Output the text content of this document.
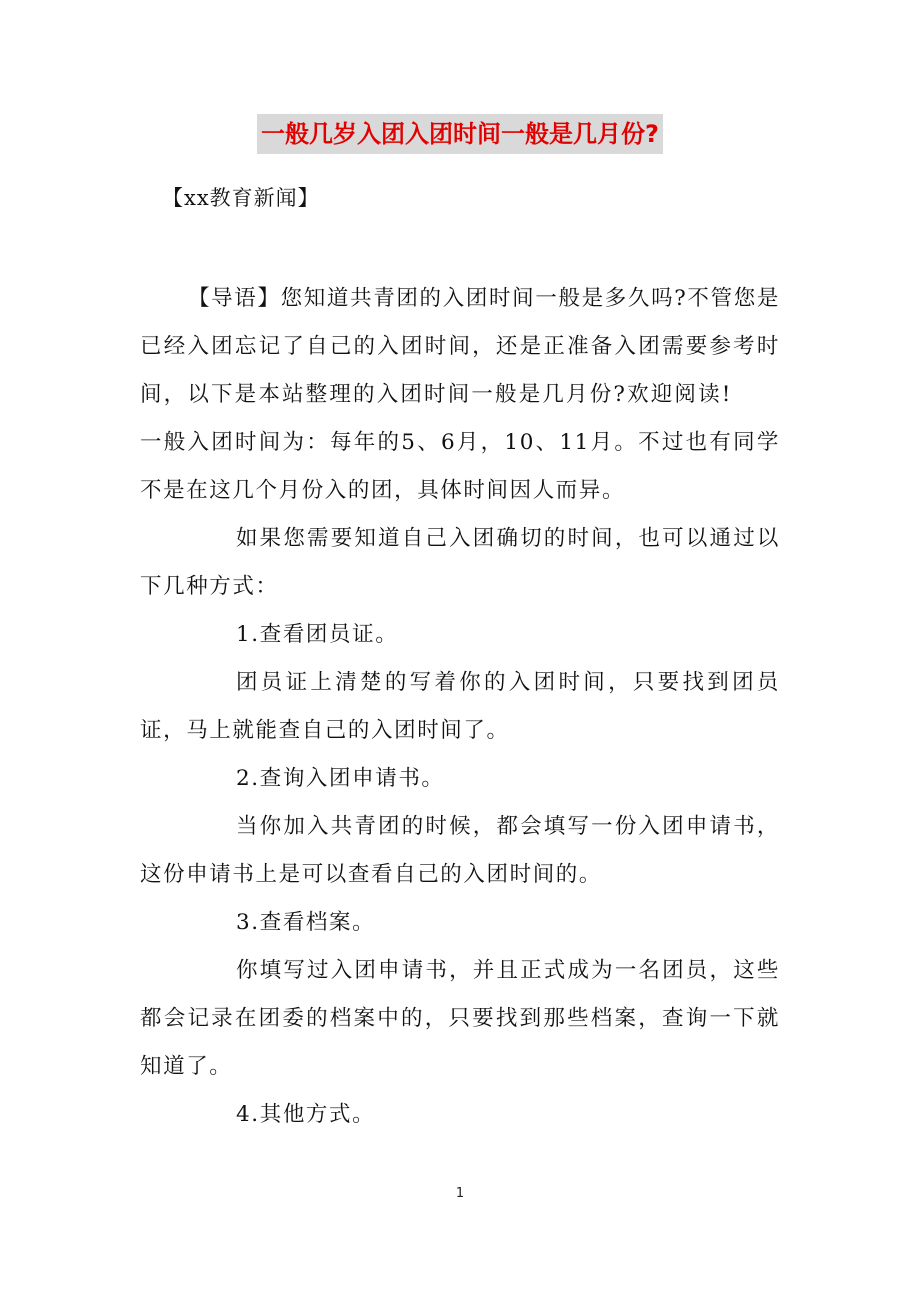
一般几岁入团入团时间一般是几月份?
【xx教育新闻】

【导语】您知道共青团的入团时间一般是多久吗?不管您是已经入团忘记了自己的入团时间，还是正准备入团需要参考时间，以下是本站整理的入团时间一般是几月份?欢迎阅读!一般入团时间为：每年的5、6月，10、11月。不过也有同学不是在这几个月份入的团，具体时间因人而异。

如果您需要知道自己入团确切的时间，也可以通过以下几种方式：

1.查看团员证。

团员证上清楚的写着你的入团时间，只要找到团员证，马上就能查自己的入团时间了。

2.查询入团申请书。

当你加入共青团的时候，都会填写一份入团申请书，这份申请书上是可以查看自己的入团时间的。

3.查看档案。

你填写过入团申请书，并且正式成为一名团员，这些都会记录在团委的档案中的，只要找到那些档案，查询一下就知道了。

4.其他方式。

1
